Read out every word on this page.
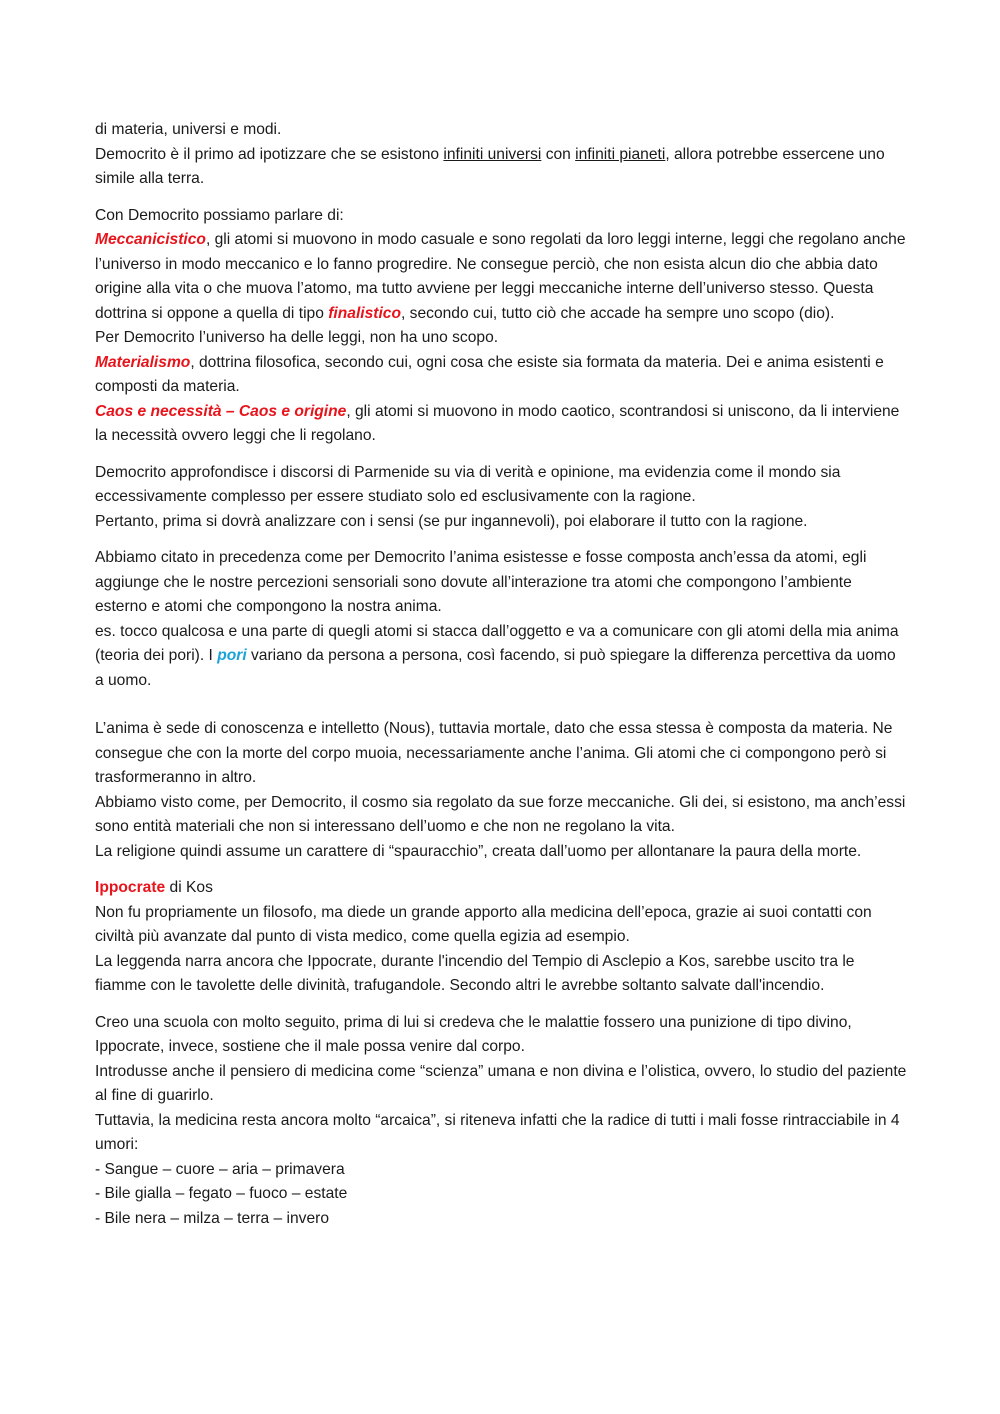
di materia, universi e modi.
Democrito è il primo ad ipotizzare che se esistono infiniti universi con infiniti pianeti, allora potrebbe essercene uno simile alla terra.

Con Democrito possiamo parlare di:
Meccanicistico, gli atomi si muovono in modo casuale e sono regolati da loro leggi interne, leggi che regolano anche l’universo in modo meccanico e lo fanno progredire. Ne consegue perciò, che non esista alcun dio che abbia dato origine alla vita o che muova l’atomo, ma tutto avviene per leggi meccaniche interne dell’universo stesso. Questa dottrina si oppone a quella di tipo finalistico, secondo cui, tutto ciò che accade ha sempre uno scopo (dio).
Per Democrito l’universo ha delle leggi, non ha uno scopo.
Materialismo, dottrina filosofica, secondo cui, ogni cosa che esiste sia formata da materia. Dei e anima esistenti e composti da materia.
Caos e necessità – Caos e origine, gli atomi si muovono in modo caotico, scontrandosi si uniscono, da li interviene la necessità ovvero leggi che li regolano.

Democrito approfondisce i discorsi di Parmenide su via di verità e opinione, ma evidenzia come il mondo sia eccessivamente complesso per essere studiato solo ed esclusivamente con la ragione.
Pertanto, prima si dovrà analizzare con i sensi (se pur ingannevoli), poi elaborare il tutto con la ragione.

Abbiamo citato in precedenza come per Democrito l’anima esistesse e fosse composta anch’essa da atomi, egli aggiunge che le nostre percezioni sensoriali sono dovute all’interazione tra atomi che compongono l’ambiente esterno e atomi che compongono la nostra anima.
es. tocco qualcosa e una parte di quegli atomi si stacca dall’oggetto e va a comunicare con gli atomi della mia anima (teoria dei pori). I pori variano da persona a persona, così facendo, si può spiegare la differenza percettiva da uomo a uomo.

L’anima è sede di conoscenza e intelletto (Nous), tuttavia mortale, dato che essa stessa è composta da materia. Ne consegue che con la morte del corpo muoia, necessariamente anche l’anima. Gli atomi che ci compongono però si trasformeranno in altro.
Abbiamo visto come, per Democrito, il cosmo sia regolato da sue forze meccaniche. Gli dei, si esistono, ma anch’essi sono entità materiali che non si interessano dell’uomo e che non ne regolano la vita.
La religione quindi assume un carattere di “spauracchio”, creata dall’uomo per allontanare la paura della morte.

Ippocrate di Kos
Non fu propriamente un filosofo, ma diede un grande apporto alla medicina dell’epoca, grazie ai suoi contatti con civiltà più avanzate dal punto di vista medico, come quella egizia ad esempio.
La leggenda narra ancora che Ippocrate, durante l'incendio del Tempio di Asclepio a Kos, sarebbe uscito tra le fiamme con le tavolette delle divinità, trafugandole. Secondo altri le avrebbe soltanto salvate dall'incendio.

Creo una scuola con molto seguito, prima di lui si credeva che le malattie fossero una punizione di tipo divino, Ippocrate, invece, sostiene che il male possa venire dal corpo.
Introdusse anche il pensiero di medicina come “scienza” umana e non divina e l’olistica, ovvero, lo studio del paziente al fine di guarirlo.
Tuttavia, la medicina resta ancora molto “arcaica”, si riteneva infatti che la radice di tutti i mali fosse rintracciabile in 4 umori:
- Sangue – cuore – aria – primavera
- Bile gialla – fegato – fuoco – estate
- Bile nera – milza – terra – invero
